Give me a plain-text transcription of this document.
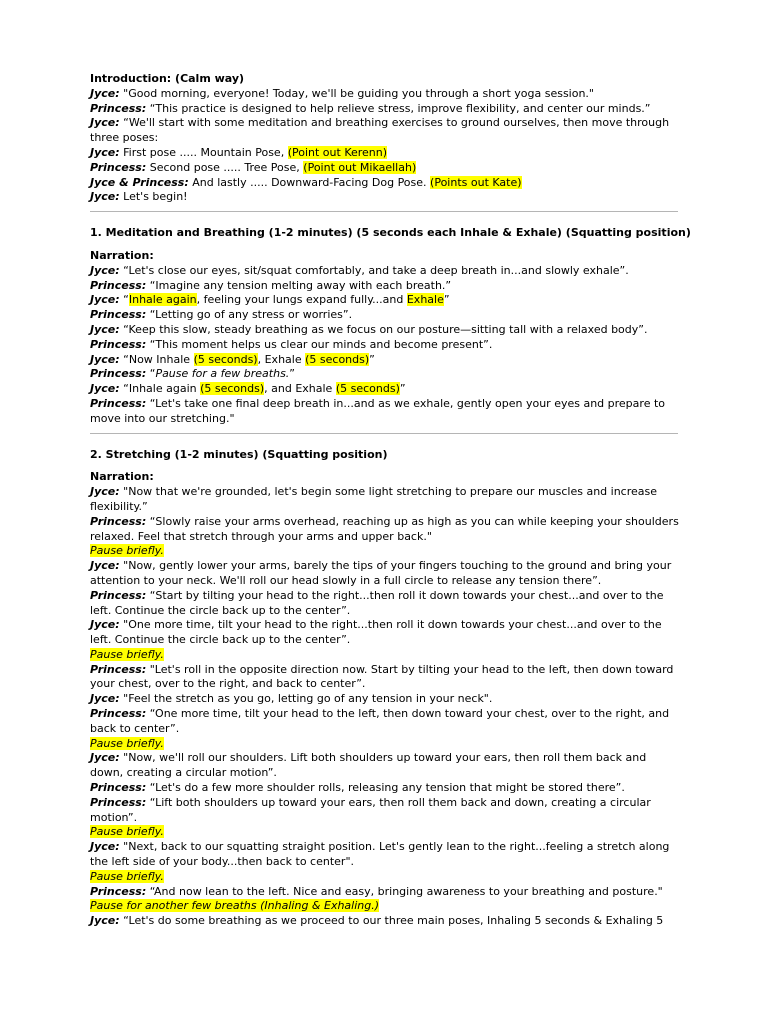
Introduction: (Calm way)
Jyce: "Good morning, everyone! Today, we'll be guiding you through a short yoga session."
Princess: “This practice is designed to help relieve stress, improve flexibility, and center our minds.”
Jyce: “We'll start with some meditation and breathing exercises to ground ourselves, then move through three poses:
Jyce: First pose ..... Mountain Pose, (Point out Kerenn)
Princess: Second pose ..... Tree Pose, (Point out Mikaellah)
Jyce & Princess: And lastly ..... Downward-Facing Dog Pose. (Points out Kate)
Jyce: Let's begin!
1. Meditation and Breathing (1-2 minutes) (5 seconds each Inhale & Exhale) (Squatting position)
Narration:
Jyce: “Let's close our eyes, sit/squat comfortably, and take a deep breath in...and slowly exhale”.
Princess: “Imagine any tension melting away with each breath.”
Jyce: “Inhale again, feeling your lungs expand fully...and Exhale”
Princess: “Letting go of any stress or worries”.
Jyce: “Keep this slow, steady breathing as we focus on our posture—sitting tall with a relaxed body”.
Princess: “This moment helps us clear our minds and become present”.
Jyce: “Now Inhale (5 seconds), Exhale (5 seconds)”
Princess: “Pause for a few breaths.”
Jyce: “Inhale again (5 seconds), and Exhale (5 seconds)”
Princess: “Let's take one final deep breath in...and as we exhale, gently open your eyes and prepare to move into our stretching."
2. Stretching (1-2 minutes) (Squatting position)
Narration:
Jyce: "Now that we're grounded, let's begin some light stretching to prepare our muscles and increase flexibility.”
Princess: “Slowly raise your arms overhead, reaching up as high as you can while keeping your shoulders relaxed. Feel that stretch through your arms and upper back."
Pause briefly.
Jyce: "Now, gently lower your arms, barely the tips of your fingers touching to the ground and bring your attention to your neck. We'll roll our head slowly in a full circle to release any tension there”.
Princess: “Start by tilting your head to the right...then roll it down towards your chest...and over to the left. Continue the circle back up to the center”.
Jyce: "One more time, tilt your head to the right...then roll it down towards your chest...and over to the left. Continue the circle back up to the center”.
Pause briefly.
Princess: "Let's roll in the opposite direction now. Start by tilting your head to the left, then down toward your chest, over to the right, and back to center”.
Jyce: "Feel the stretch as you go, letting go of any tension in your neck".
Princess: “One more time, tilt your head to the left, then down toward your chest, over to the right, and back to center”.
Pause briefly.
Jyce: "Now, we'll roll our shoulders. Lift both shoulders up toward your ears, then roll them back and down, creating a circular motion”.
Princess: “Let's do a few more shoulder rolls, releasing any tension that might be stored there”.
Princess: “Lift both shoulders up toward your ears, then roll them back and down, creating a circular motion”.
Pause briefly.
Jyce: "Next, back to our squatting straight position. Let's gently lean to the right...feeling a stretch along the left side of your body...then back to center".
Pause briefly.
Princess: “And now lean to the left. Nice and easy, bringing awareness to your breathing and posture."
Pause for another few breaths (Inhaling & Exhaling.)
Jyce: “Let's do some breathing as we proceed to our three main poses, Inhaling 5 seconds & Exhaling 5
